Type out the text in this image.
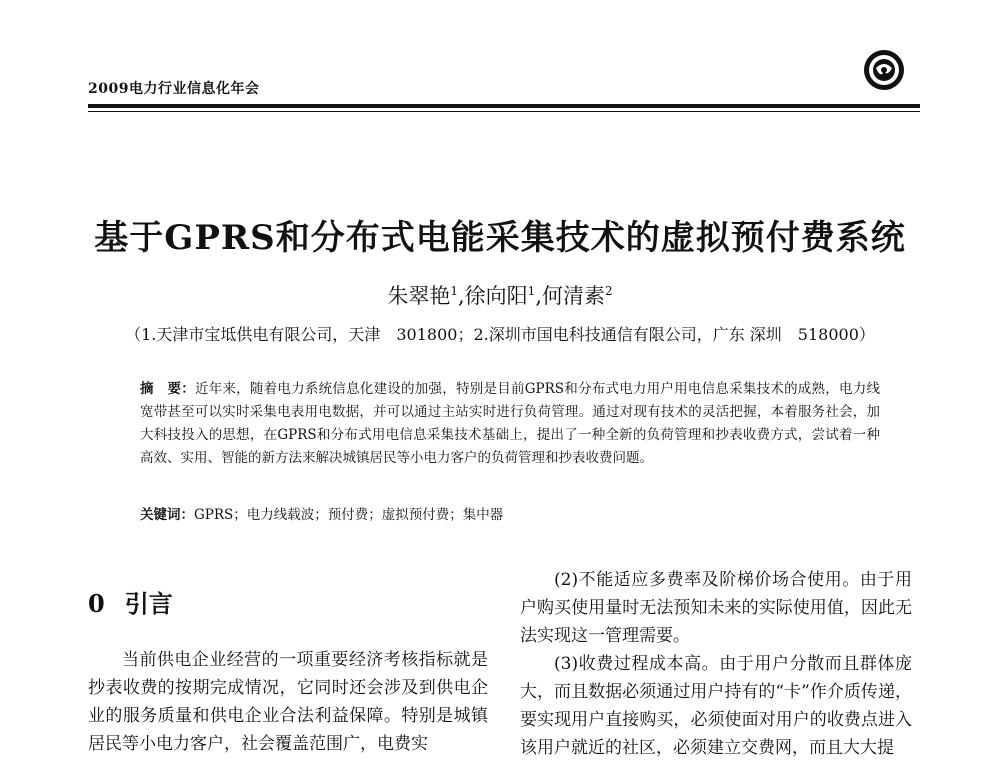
2009电力行业信息化年会
基于GPRS和分布式电能采集技术的虚拟预付费系统
朱翠艳$^1$,徐向阳$^1$,何清素$^2$
（1.天津市宝坻供电有限公司，天津　301800；2.深圳市国电科技通信有限公司，广东 深圳　518000）
摘　要：近年来，随着电力系统信息化建设的加强，特别是目前GPRS和分布式电力用户用电信息采集技术的成熟，电力线宽带甚至可以实时采集电表用电数据，并可以通过主站实时进行负荷管理。通过对现有技术的灵活把握，本着服务社会，加大科技投入的思想，在GPRS和分布式用电信息采集技术基础上，提出了一种全新的负荷管理和抄表收费方式，尝试着一种高效、实用、智能的新方法来解决城镇居民等小电力客户的负荷管理和抄表收费问题。
关键词：GPRS；电力线载波；预付费；虚拟预付费；集中器
0 引言

当前供电企业经营的一项重要经济考核指标就是抄表收费的按期完成情况，它同时还会涉及到供电企业的服务质量和供电企业合法利益保障。特别是城镇居民等小电力客户，社会覆盖范围广，电费实

(2)不能适应多费率及阶梯价场合使用。由于用户购买使用量时无法预知未来的实际使用值，因此无法实现这一管理需要。

(3)收费过程成本高。由于用户分散而且群体庞大，而且数据必须通过用户持有的“卡”作介质传递，要实现用户直接购买，必须使面对用户的收费点进入该用户就近的社区，必须建立交费网，而且大大提
